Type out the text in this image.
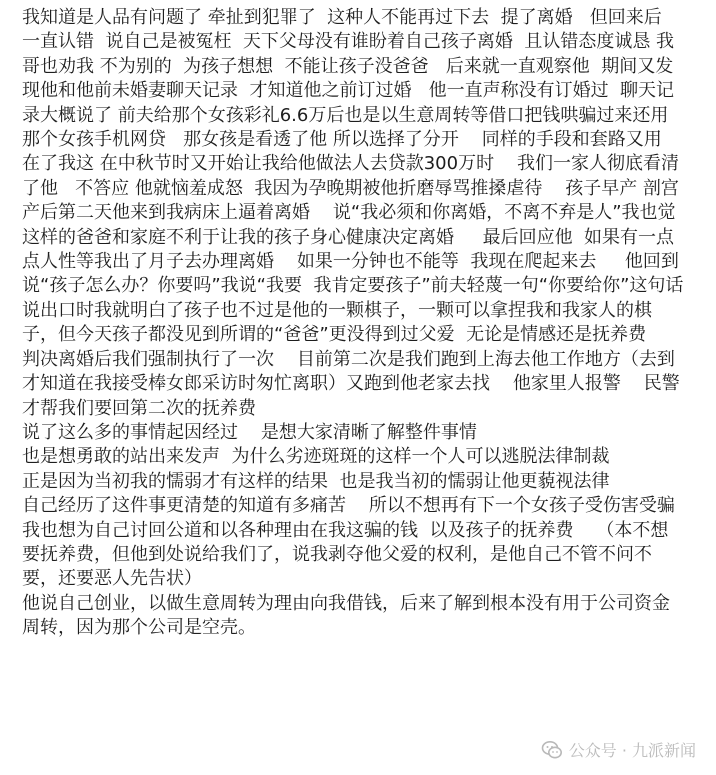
我知道是人品有问题了 牵扯到犯罪了  这种人不能再过下去  提了离婚   但回来后
一直认错  说自己是被冤枉  天下父母没有谁盼着自己孩子离婚  且认错态度诚恳 我
哥也劝我 不为别的  为孩子想想  不能让孩子没爸爸   后来就一直观察他  期间又发
现他和他前未婚妻聊天记录  才知道他之前订过婚   他一直声称没有订婚过  聊天记
录大概说了 前夫给那个女孩彩礼6.6万后也是以生意周转等借口把钱哄骗过来还用
那个女孩手机网贷   那女孩是看透了他 所以选择了分开    同样的手段和套路又用
在了我这 在中秋节时又开始让我给他做法人去贷款300万时    我们一家人彻底看清
了他   不答应 他就恼羞成怒  我因为孕晚期被他折磨辱骂推搡虐待    孩子早产 剖宫
产后第二天他来到我病床上逼着离婚    说“我必须和你离婚，不离不弃是人”我也觉
这样的爸爸和家庭不利于让我的孩子身心健康决定离婚     最后回应他  如果有一点
点人性等我出了月子去办理离婚    如果一分钟也不能等  我现在爬起来去     他回到
说“孩子怎么办？你要吗”我说“我要  我肯定要孩子”前夫轻蔑一句“你要给你”这句话
说出口时我就明白了孩子也不过是他的一颗棋子，一颗可以拿捏我和我家人的棋
子，但今天孩子都没见到所谓的“爸爸”更没得到过父爱  无论是情感还是抚养费
判决离婚后我们强制执行了一次    目前第二次是我们跑到上海去他工作地方（去到
才知道在我接受棒女郎采访时匆忙离职）又跑到他老家去找    他家里人报警    民警
才帮我们要回第二次的抚养费
说了这么多的事情起因经过    是想大家清晰了解整件事情
也是想勇敢的站出来发声  为什么劣迹斑斑的这样一个人可以逃脱法律制裁
正是因为当初我的懦弱才有这样的结果  也是我当初的懦弱让他更藐视法律
自己经历了这件事更清楚的知道有多痛苦    所以不想再有下一个女孩子受伤害受骗
我也想为自己讨回公道和以各种理由在我这骗的钱  以及孩子的抚养费    （本不想
要抚养费，但他到处说给我们了，说我剥夺他父爱的权利，是他自己不管不问不
要，还要恶人先告状）
他说自己创业，以做生意周转为理由向我借钱，后来了解到根本没有用于公司资金
周转，因为那个公司是空壳。
公众号 · 九派新闻
